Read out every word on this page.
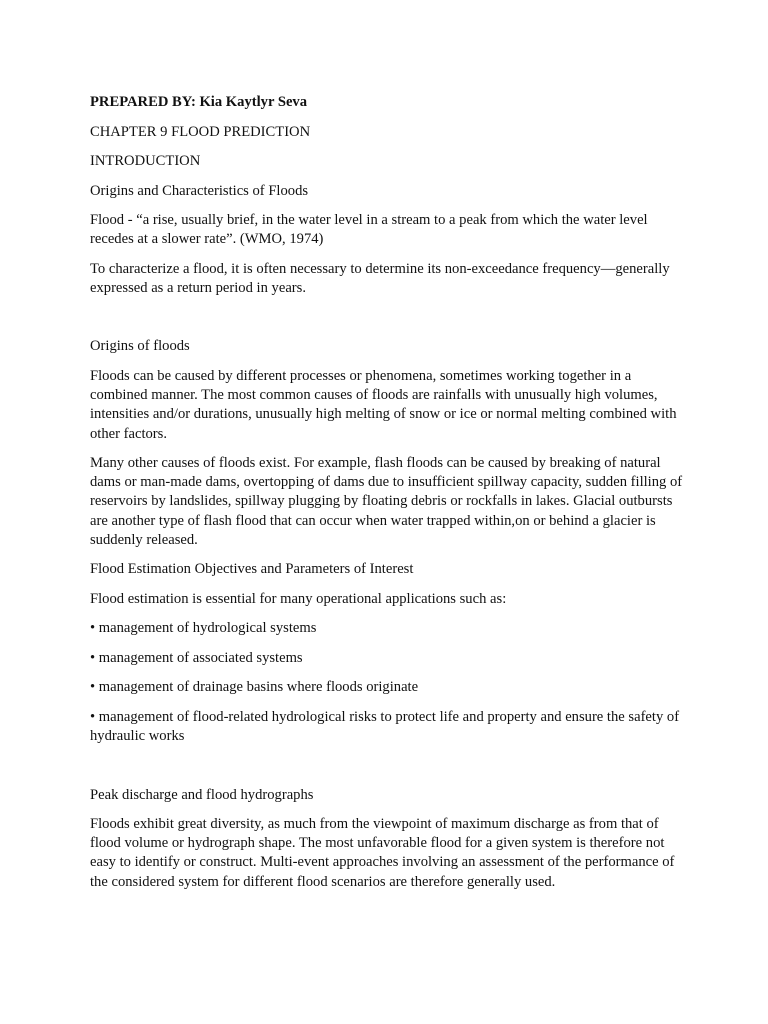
PREPARED BY: Kia Kaytlyr Seva

CHAPTER 9 FLOOD PREDICTION

INTRODUCTION

Origins and Characteristics of Floods

Flood - “a rise, usually brief, in the water level in a stream to a peak from which the water level recedes at a slower rate”. (WMO, 1974)

To characterize a flood, it is often necessary to determine its non-exceedance frequency—generally expressed as a return period in years.

Origins of floods

Floods can be caused by different processes or phenomena, sometimes working together in a combined manner. The most common causes of floods are rainfalls with unusually high volumes, intensities and/or durations, unusually high melting of snow or ice or normal melting combined with other factors.

Many other causes of floods exist. For example, flash floods can be caused by breaking of natural dams or man-made dams, overtopping of dams due to insufficient spillway capacity, sudden filling of reservoirs by landslides, spillway plugging by floating debris or rockfalls in lakes. Glacial outbursts are another type of flash flood that can occur when water trapped within,on or behind a glacier is suddenly released.

Flood Estimation Objectives and Parameters of Interest

Flood estimation is essential for many operational applications such as:

• management of hydrological systems

• management of associated systems

• management of drainage basins where floods originate

• management of flood-related hydrological risks to protect life and property and ensure the safety of hydraulic works

Peak discharge and flood hydrographs

Floods exhibit great diversity, as much from the viewpoint of maximum discharge as from that of flood volume or hydrograph shape. The most unfavorable flood for a given system is therefore not easy to identify or construct. Multi-event approaches involving an assessment of the performance of the considered system for different flood scenarios are therefore generally used.
